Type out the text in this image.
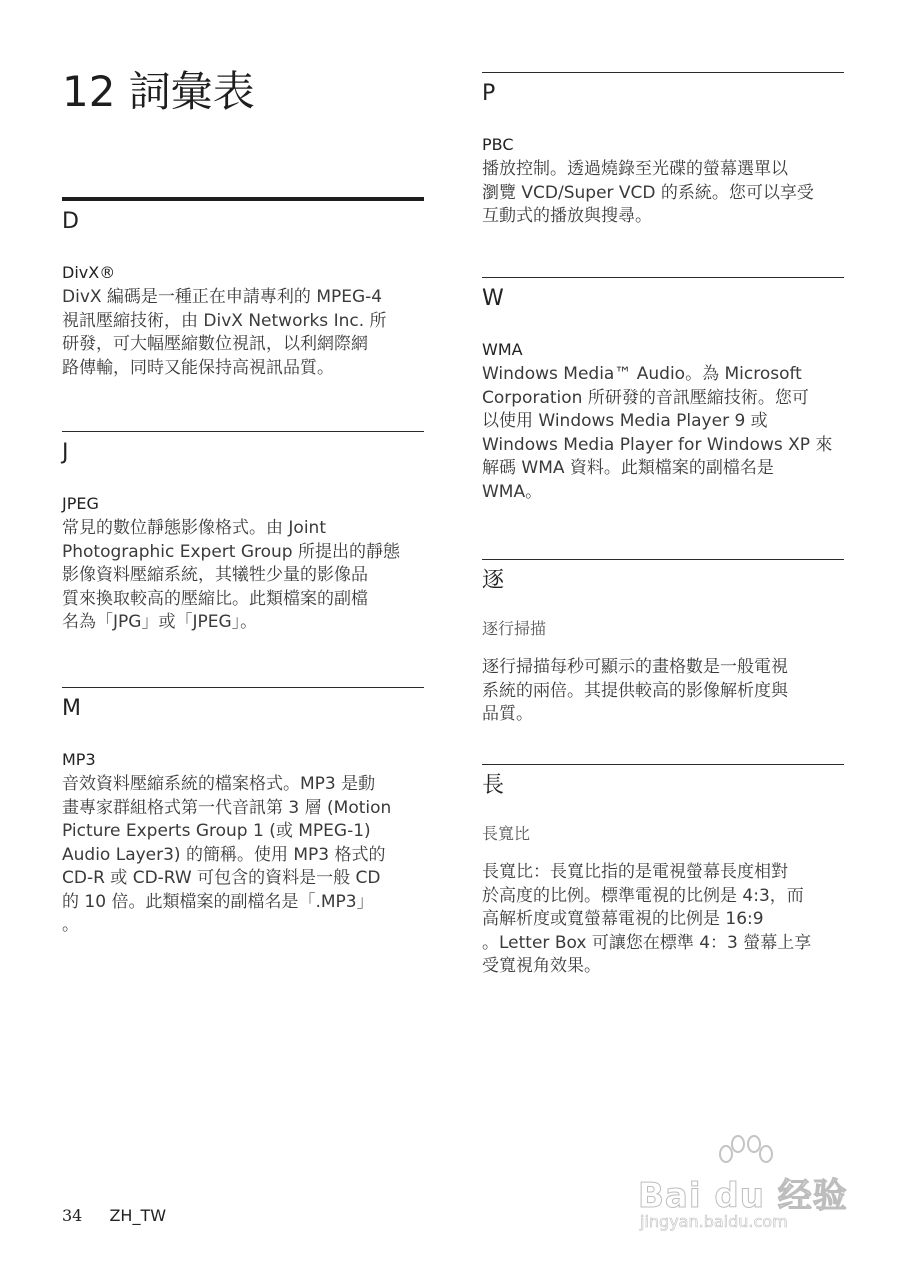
12 詞彙表
D
DivX®
DivX 編碼是一種正在申請專利的 MPEG-4
視訊壓縮技術，由 DivX Networks Inc. 所
研發，可大幅壓縮數位視訊，以利網際網
路傳輸，同時又能保持高視訊品質。
J
JPEG
常見的數位靜態影像格式。由 Joint
Photographic Expert Group 所提出的靜態
影像資料壓縮系統，其犧牲少量的影像品
質來換取較高的壓縮比。此類檔案的副檔
名為「JPG」或「JPEG」。
M
MP3
音效資料壓縮系統的檔案格式。MP3 是動
畫專家群組格式第一代音訊第 3 層 (Motion
Picture Experts Group 1 (或 MPEG-1)
Audio Layer3) 的簡稱。使用 MP3 格式的
CD-R 或 CD-RW 可包含的資料是一般 CD
的 10 倍。此類檔案的副檔名是「.MP3」
。
P
PBC
播放控制。透過燒錄至光碟的螢幕選單以
瀏覽 VCD/Super VCD 的系統。您可以享受
互動式的播放與搜尋。
W
WMA
Windows Media™ Audio。為 Microsoft
Corporation 所研發的音訊壓縮技術。您可
以使用 Windows Media Player 9 或
Windows Media Player for Windows XP 來
解碼 WMA 資料。此類檔案的副檔名是
WMA。
逐
逐行掃描
逐行掃描每秒可顯示的畫格數是一般電視
系統的兩倍。其提供較高的影像解析度與
品質。
長
長寬比
長寬比：長寬比指的是電視螢幕長度相對
於高度的比例。標準電視的比例是 4:3，而
高解析度或寬螢幕電視的比例是 16:9
。Letter Box 可讓您在標準 4：3 螢幕上享
受寬視角效果。
34 ZH_TW	Bai du 经验
jingyan.baidu.com
